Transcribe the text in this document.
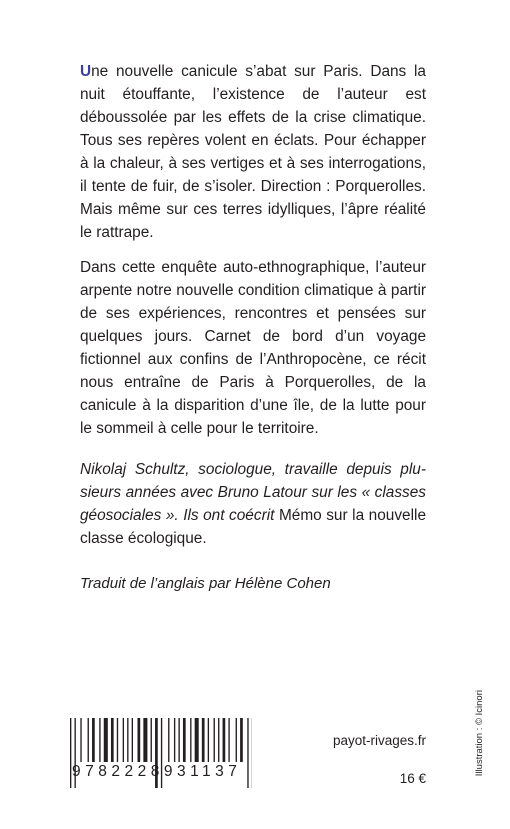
Une nouvelle canicule s’abat sur Paris. Dans la nuit étouffante, l’existence de l’auteur est déboussolée par les effets de la crise climatique. Tous ses repères volent en éclats. Pour échapper à la chaleur, à ses vertiges et à ses interrogations, il tente de fuir, de s’isoler. Direction : Porquerolles. Mais même sur ces terres idylliques, l’âpre réalité le rattrape.

Dans cette enquête auto-ethnographique, l’auteur arpente notre nouvelle condition climatique à partir de ses expériences, rencontres et pensées sur quelques jours. Carnet de bord d’un voyage fictionnel aux confins de l’Anthropocène, ce récit nous entraîne de Paris à Porquerolles, de la canicule à la disparition d’une île, de la lutte pour le sommeil à celle pour le territoire.

Nikolaj Schultz, sociologue, travaille depuis plusieurs années avec Bruno Latour sur les « classes géosociales ». Ils ont coécrit Mémo sur la nouvelle classe écologique.

Traduit de l’anglais par Hélène Cohen
Illustration : © Icinori
9782228931137
payot-rivages.fr
16 €
